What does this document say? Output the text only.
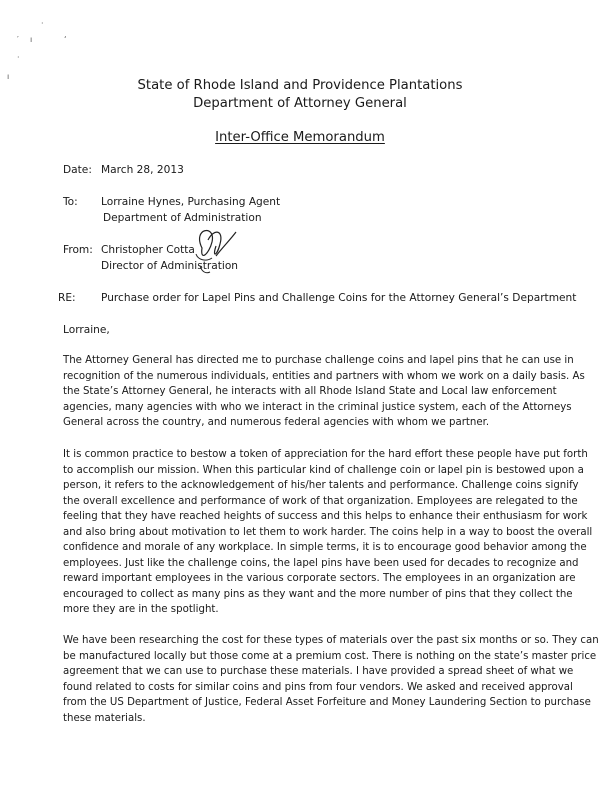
·
′ ı	‘
·
ı
State of Rhode Island and Providence Plantations
Department of Attorney General
Inter-Office Memorandum
Date: March 28, 2013
To: Lorraine Hynes, Purchasing Agent
Department of Administration
From: Christopher Cotta
Director of Administration
RE: Purchase order for Lapel Pins and Challenge Coins for the Attorney General’s Department
Lorraine,

The Attorney General has directed me to purchase challenge coins and lapel pins that he can use in
recognition of the numerous individuals, entities and partners with whom we work on a daily basis. As
the State’s Attorney General, he interacts with all Rhode Island State and Local law enforcement
agencies, many agencies with who we interact in the criminal justice system, each of the Attorneys
General across the country, and numerous federal agencies with whom we partner.

It is common practice to bestow a token of appreciation for the hard effort these people have put forth
to accomplish our mission. When this particular kind of challenge coin or lapel pin is bestowed upon a
person, it refers to the acknowledgement of his/her talents and performance. Challenge coins signify
the overall excellence and performance of work of that organization. Employees are relegated to the
feeling that they have reached heights of success and this helps to enhance their enthusiasm for work
and also bring about motivation to let them to work harder. The coins help in a way to boost the overall
confidence and morale of any workplace. In simple terms, it is to encourage good behavior among the
employees. Just like the challenge coins, the lapel pins have been used for decades to recognize and
reward important employees in the various corporate sectors. The employees in an organization are
encouraged to collect as many pins as they want and the more number of pins that they collect the
more they are in the spotlight.

We have been researching the cost for these types of materials over the past six months or so. They can
be manufactured locally but those come at a premium cost. There is nothing on the state’s master price
agreement that we can use to purchase these materials. I have provided a spread sheet of what we
found related to costs for similar coins and pins from four vendors. We asked and received approval
from the US Department of Justice, Federal Asset Forfeiture and Money Laundering Section to purchase
these materials.
